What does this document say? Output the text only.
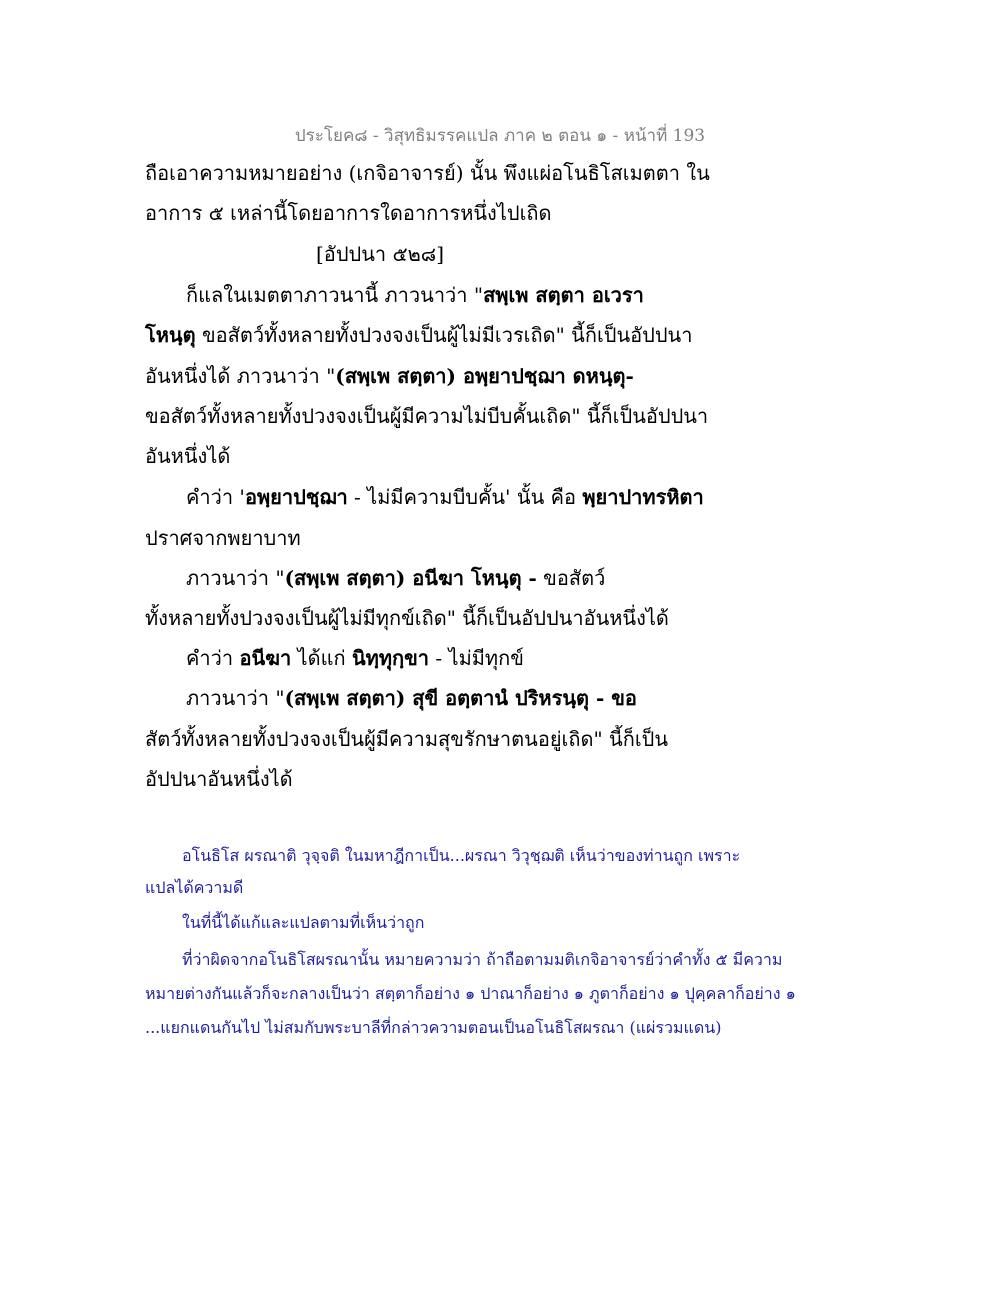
ประโยค๘ - วิสุทธิมรรคแปล ภาค ๒ ตอน ๑ - หน้าที่ 193
ถือเอาความหมายอย่าง (เกจิอาจารย์) นั้น พึงแผ่อโนธิโสเมตตา ใน
อาการ ๕ เหล่านี้โดยอาการใดอาการหนึ่งไปเถิด
[อัปปนา ๕๒๘]
ก็แลในเมตตาภาวนานี้ ภาวนาว่า "สพฺเพ สตฺตา อเวรา
โหนฺตุ ขอสัตว์ทั้งหลายทั้งปวงจงเป็นผู้ไม่มีเวรเถิด" นี้ก็เป็นอัปปนา
อันหนึ่งได้ ภาวนาว่า "(สพฺเพ สตฺตา) อพฺยาปชฺฌา ดหนฺตุ-
ขอสัตว์ทั้งหลายทั้งปวงจงเป็นผู้มีความไม่บีบคั้นเถิด" นี้ก็เป็นอัปปนา
อันหนึ่งได้
คำว่า 'อพฺยาปชฺฌา - ไม่มีความบีบคั้น' นั้น คือ พฺยาปาทรหิตา
ปราศจากพยาบาท
ภาวนาว่า "(สพฺเพ สตฺตา) อนีฆา โหนฺตุ - ขอสัตว์
ทั้งหลายทั้งปวงจงเป็นผู้ไม่มีทุกข์เถิด" นี้ก็เป็นอัปปนาอันหนึ่งได้
คำว่า อนีฆา ได้แก่ นิทฺทุกฺขา - ไม่มีทุกข์
ภาวนาว่า "(สพฺเพ สตฺตา) สุขี อตฺตานํ ปริหรนฺตุ - ขอ
สัตว์ทั้งหลายทั้งปวงจงเป็นผู้มีความสุขรักษาตนอยู่เถิด" นี้ก็เป็น
อัปปนาอันหนึ่งได้
อโนธิโส ผรณาติ วุจฺจติ ในมหาฎีกาเป็น...ผรณา วิวุชฺฌติ เห็นว่าของท่านถูก เพราะ
แปลได้ความดี
ในที่นี้ได้แก้และแปลตามที่เห็นว่าถูก
ที่ว่าผิดจากอโนธิโสผรณานั้น หมายความว่า ถ้าถือตามมติเกจิอาจารย์ว่าคำทั้ง ๕ มีความ
หมายต่างกันแล้วก็จะกลางเป็นว่า สตฺตาก็อย่าง ๑ ปาณาก็อย่าง ๑ ภูตาก็อย่าง ๑ ปุคฺคลาก็อย่าง ๑
...แยกแดนกันไป ไม่สมกับพระบาลีที่กล่าวความตอนเป็นอโนธิโสผรณา (แผ่รวมแดน)
